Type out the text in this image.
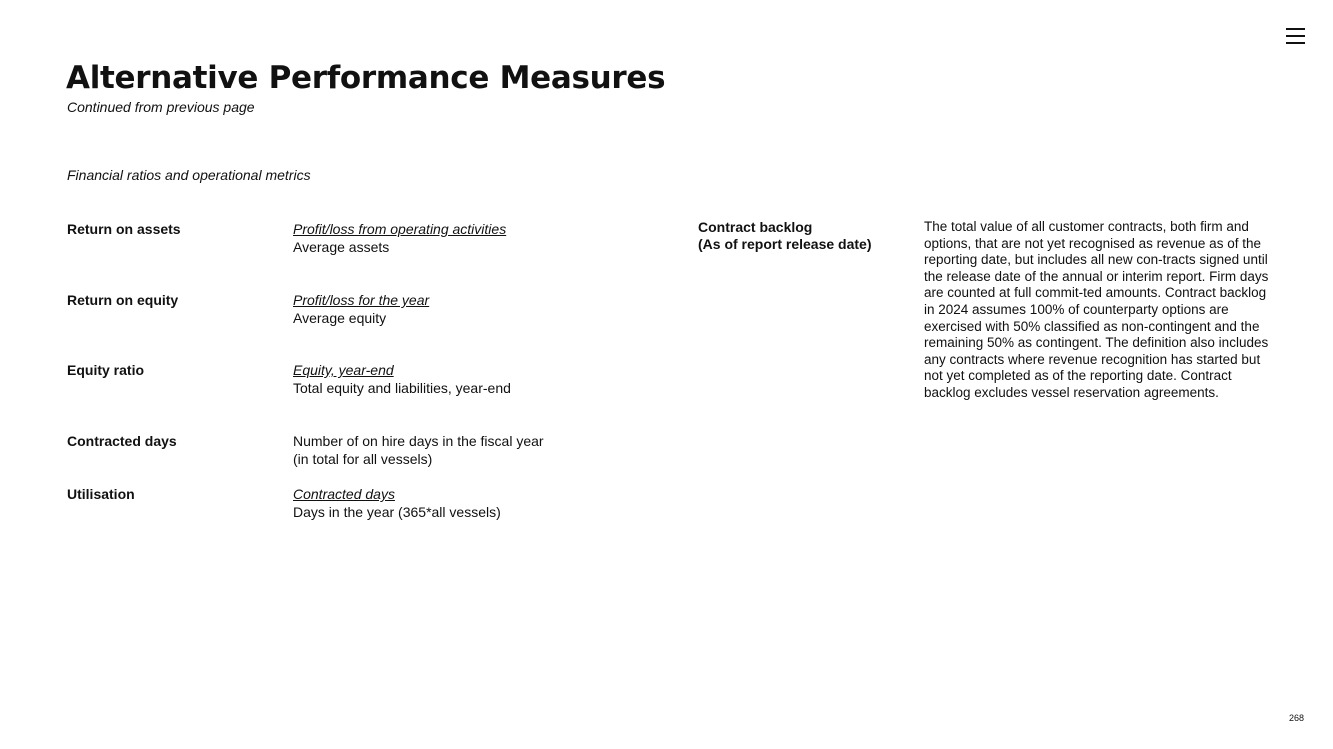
Alternative Performance Measures
Continued from previous page
Financial ratios and operational metrics
Return on assets	Profit/loss from operating activities
Average assets
Return on equity	Profit/loss for the year
Average equity
Equity ratio	Equity, year-end
Total equity and liabilities, year-end
Contracted days	Number of on hire days in the fiscal year
(in total for all vessels)
Utilisation	Contracted days
Days in the year (365*all vessels)
Contract backlog
(As of report release date)

The total value of all customer contracts, both firm and options, that are not yet recognised as revenue as of the reporting date, but includes all new con-tracts signed until the release date of the annual or interim report. Firm days are counted at full commit-ted amounts. Contract backlog in 2024 assumes 100% of counterparty options are exercised with 50% classified as non-contingent and the remaining 50% as contingent. The definition also includes any contracts where revenue recognition has started but not yet completed as of the reporting date. Contract backlog excludes vessel reservation agreements.

268
